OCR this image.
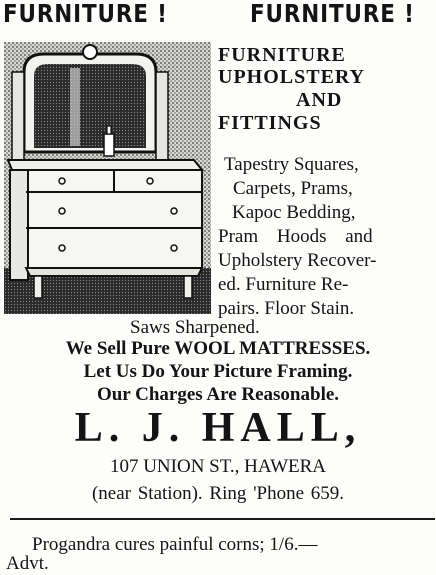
FURNITURE !	FURNITURE !
FURNITURE
UPHOLSTERY
AND
FITTINGS
Tapestry Squares,
Carpets, Prams,
Kapoc Bedding,
Pram Hoods and
Upholstery Recover-
ed. Furniture Re-
pairs. Floor Stain.
Saws Sharpened.
We Sell Pure WOOL MATTRESSES.
Let Us Do Your Picture Framing.
Our Charges Are Reasonable.
L. J. HALL,
107 UNION ST., HAWERA
(near Station). Ring 'Phone 659.
Progandra cures painful corns; 1/6.—
Advt.
